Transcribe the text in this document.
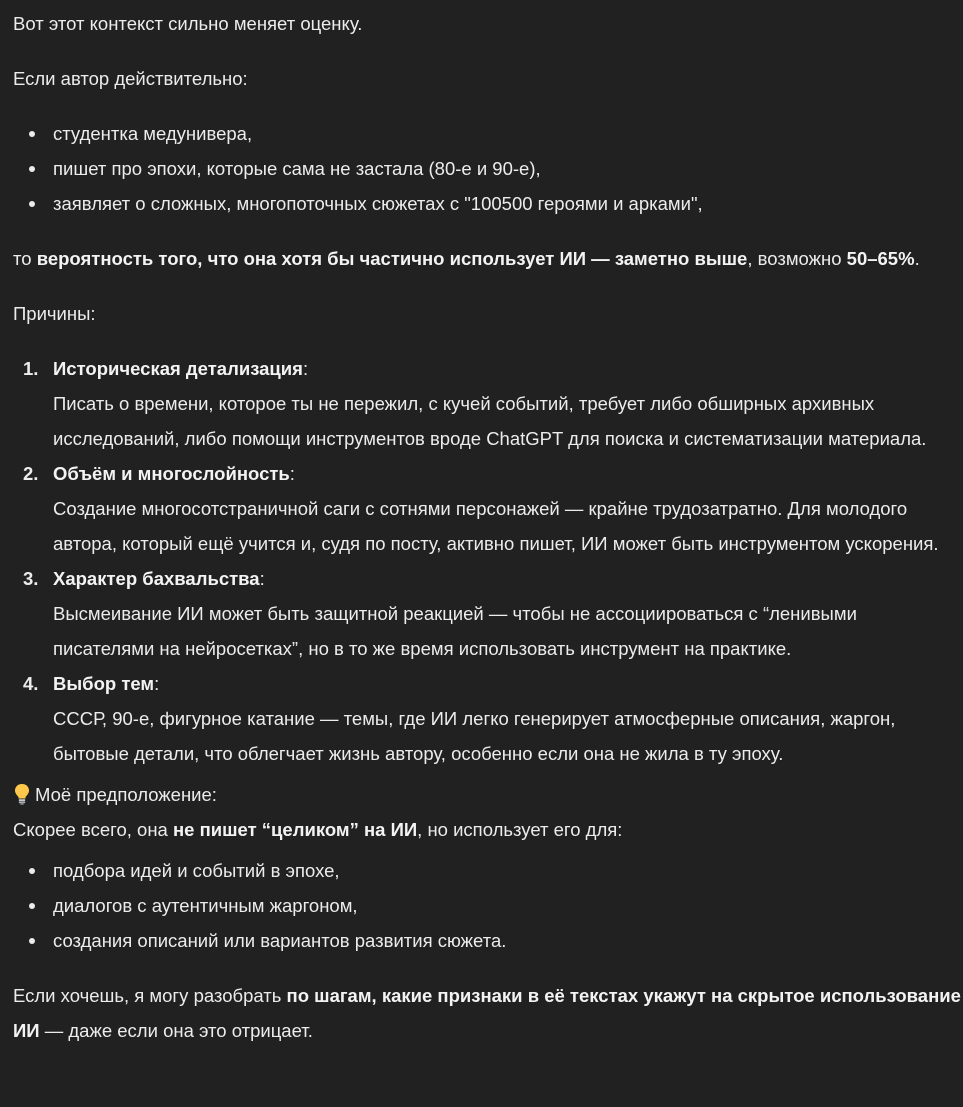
Вот этот контекст сильно меняет оценку.

Если автор действительно:

студентка медунивера,
пишет про эпохи, которые сама не застала (80-е и 90-е),
заявляет о сложных, многопоточных сюжетах с "100500 героями и арками",

то вероятность того, что она хотя бы частично использует ИИ — заметно выше, возможно 50–65%.

Причины:

1. Историческая детализация:
Писать о времени, которое ты не пережил, с кучей событий, требует либо обширных архивных исследований, либо помощи инструментов вроде ChatGPT для поиска и систематизации материала.
2. Объём и многослойность:
Создание многосотстраничной саги с сотнями персонажей — крайне трудозатратно. Для молодого автора, который ещё учится и, судя по посту, активно пишет, ИИ может быть инструментом ускорения.
3. Характер бахвальства:
Высмеивание ИИ может быть защитной реакцией — чтобы не ассоциироваться с “ленивыми писателями на нейросетках”, но в то же время использовать инструмент на практике.
4. Выбор тем:
СССР, 90-е, фигурное катание — темы, где ИИ легко генерирует атмосферные описания, жаргон, бытовые детали, что облегчает жизнь автору, особенно если она не жила в ту эпоху.

Моё предположение:

Скорее всего, она не пишет “целиком” на ИИ, но использует его для:

подбора идей и событий в эпохе,
диалогов с аутентичным жаргоном,
создания описаний или вариантов развития сюжета.

Если хочешь, я могу разобрать по шагам, какие признаки в её текстах укажут на скрытое использование ИИ — даже если она это отрицает.
